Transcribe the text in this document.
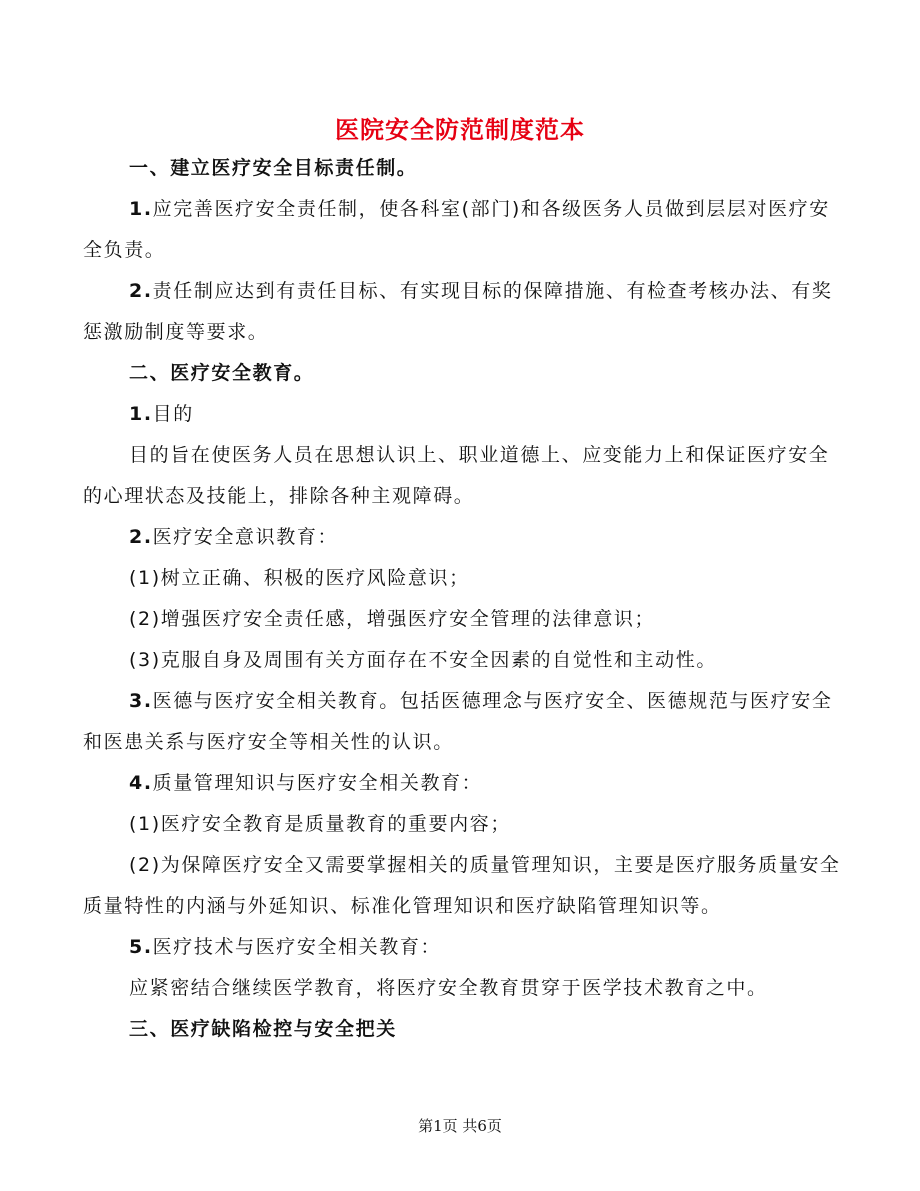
医院安全防范制度范本

一、建立医疗安全目标责任制。

1.应完善医疗安全责任制，使各科室(部门)和各级医务人员做到层层对医疗安全负责。

2.责任制应达到有责任目标、有实现目标的保障措施、有检查考核办法、有奖惩激励制度等要求。

二、医疗安全教育。

1.目的

目的旨在使医务人员在思想认识上、职业道德上、应变能力上和保证医疗安全的心理状态及技能上，排除各种主观障碍。

2.医疗安全意识教育：

(1)树立正确、积极的医疗风险意识；

(2)增强医疗安全责任感，增强医疗安全管理的法律意识；

(3)克服自身及周围有关方面存在不安全因素的自觉性和主动性。

3.医德与医疗安全相关教育。包括医德理念与医疗安全、医德规范与医疗安全和医患关系与医疗安全等相关性的认识。

4.质量管理知识与医疗安全相关教育：

(1)医疗安全教育是质量教育的重要内容；

(2)为保障医疗安全又需要掌握相关的质量管理知识，主要是医疗服务质量安全质量特性的内涵与外延知识、标准化管理知识和医疗缺陷管理知识等。

5.医疗技术与医疗安全相关教育：

应紧密结合继续医学教育，将医疗安全教育贯穿于医学技术教育之中。

三、医疗缺陷检控与安全把关

第1页 共6页
